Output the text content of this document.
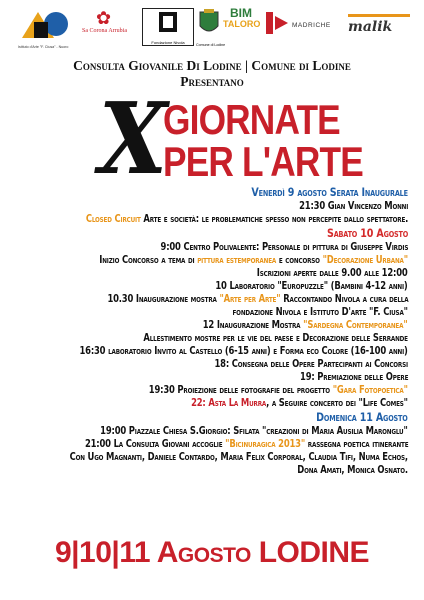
Istituto d'Arte "F. Ciusa" - Nuoro
✿
Sa Corona Arrubia
Fondazione Nivola	Comune di Lodine
BIM
TALORO	MADRICHE	malik
Consulta Giovanile Di Lodine | Comune di Lodine
Presentano
X
GIORNATE
PER L'ARTE
Venerdì 9 agosto Serata Inaugurale
21:30 Gian Vincenzo Monni
Closed Circuit Arte e società: le problematiche spesso non percepite dallo spettatore.
Sabato 10 Agosto
9:00 Centro Polivalente: Personale di pittura di Giuseppe Virdis
Inizio Concorso a tema di pittura estemporanea e concorso "Decorazione Urbana"
Iscrizioni aperte dalle 9.00 alle 12:00
10 Laboratorio "Europuzzle" (Bambini 4-12 anni)
10.30 Inaugurazione mostra "Arte per Arte" Raccontando Nivola a cura della
fondazione Nivola e Istituto D'arte "F. Ciusa"
12 Inaugurazione Mostra "Sardegna Contemporanea"
Allestimento mostre per le vie del paese e Decorazione delle Serrande
16:30 laboratorio Invito al Castello (6-15 anni) e Forma eco Colore (16-100 anni)
18: Consegna delle Opere Partecipanti ai Concorsi
19: Premiazione delle Opere
19:30 Proiezione delle fotografie del progetto "Gara Fotopoetica"
22: Asta La Murra, a Seguire concerto dei "Life Comes"
Domenica 11 Agosto
19:00 Piazzale Chiesa S.Giorgio: Sfilata "creazioni di Maria Ausilia Maronglu"
21:00 La Consulta Giovani accoglie "Bicinuragica 2013" rassegna poetica itinerante
Con Ugo Magnanti, Daniele Contardo, Maria Felix Corporal, Claudia Tifi, Numa Echos,
Dona Amati, Monica Osnato.
9|10|11 Agosto LODINE
